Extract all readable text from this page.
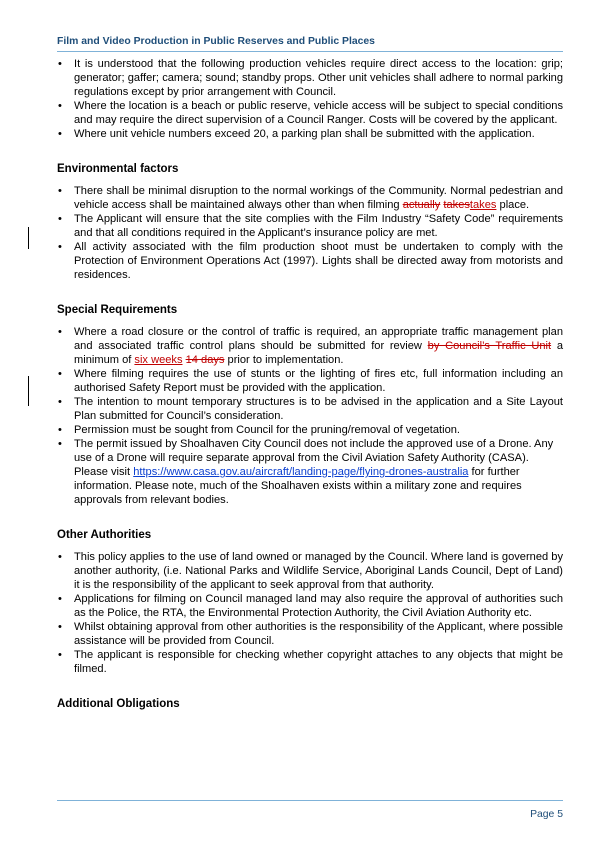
Film and Video Production in Public Reserves and Public Places
• It is understood that the following production vehicles require direct access to the location: grip; generator; gaffer; camera; sound; standby props. Other unit vehicles shall adhere to normal parking regulations except by prior arrangement with Council.
• Where the location is a beach or public reserve, vehicle access will be subject to special conditions and may require the direct supervision of a Council Ranger. Costs will be covered by the applicant.
• Where unit vehicle numbers exceed 20, a parking plan shall be submitted with the application.
Environmental factors
• There shall be minimal disruption to the normal workings of the Community. Normal pedestrian and vehicle access shall be maintained always other than when filming actually takestakes place.
• The Applicant will ensure that the site complies with the Film Industry “Safety Code” requirements and that all conditions required in the Applicant’s insurance policy are met.
• All activity associated with the film production shoot must be undertaken to comply with the Protection of Environment Operations Act (1997). Lights shall be directed away from motorists and residences.
Special Requirements
• Where a road closure or the control of traffic is required, an appropriate traffic management plan and associated traffic control plans should be submitted for review by Council’s Traffic Unit a minimum of six weeks 14 days prior to implementation.
• Where filming requires the use of stunts or the lighting of fires etc, full information including an authorised Safety Report must be provided with the application.
• The intention to mount temporary structures is to be advised in the application and a Site Layout Plan submitted for Council’s consideration.
• Permission must be sought from Council for the pruning/removal of vegetation.
• The permit issued by Shoalhaven City Council does not include the approved use of a Drone. Any use of a Drone will require separate approval from the Civil Aviation Safety Authority (CASA). Please visit https://www.casa.gov.au/aircraft/landing-page/flying-drones-australia for further information. Please note, much of the Shoalhaven exists within a military zone and requires approvals from relevant bodies.
Other Authorities
• This policy applies to the use of land owned or managed by the Council. Where land is governed by another authority, (i.e. National Parks and Wildlife Service, Aboriginal Lands Council, Dept of Land) it is the responsibility of the applicant to seek approval from that authority.
• Applications for filming on Council managed land may also require the approval of authorities such as the Police, the RTA, the Environmental Protection Authority, the Civil Aviation Authority etc.
• Whilst obtaining approval from other authorities is the responsibility of the Applicant, where possible assistance will be provided from Council.
• The applicant is responsible for checking whether copyright attaches to any objects that might be filmed.
Additional Obligations
Page 5
